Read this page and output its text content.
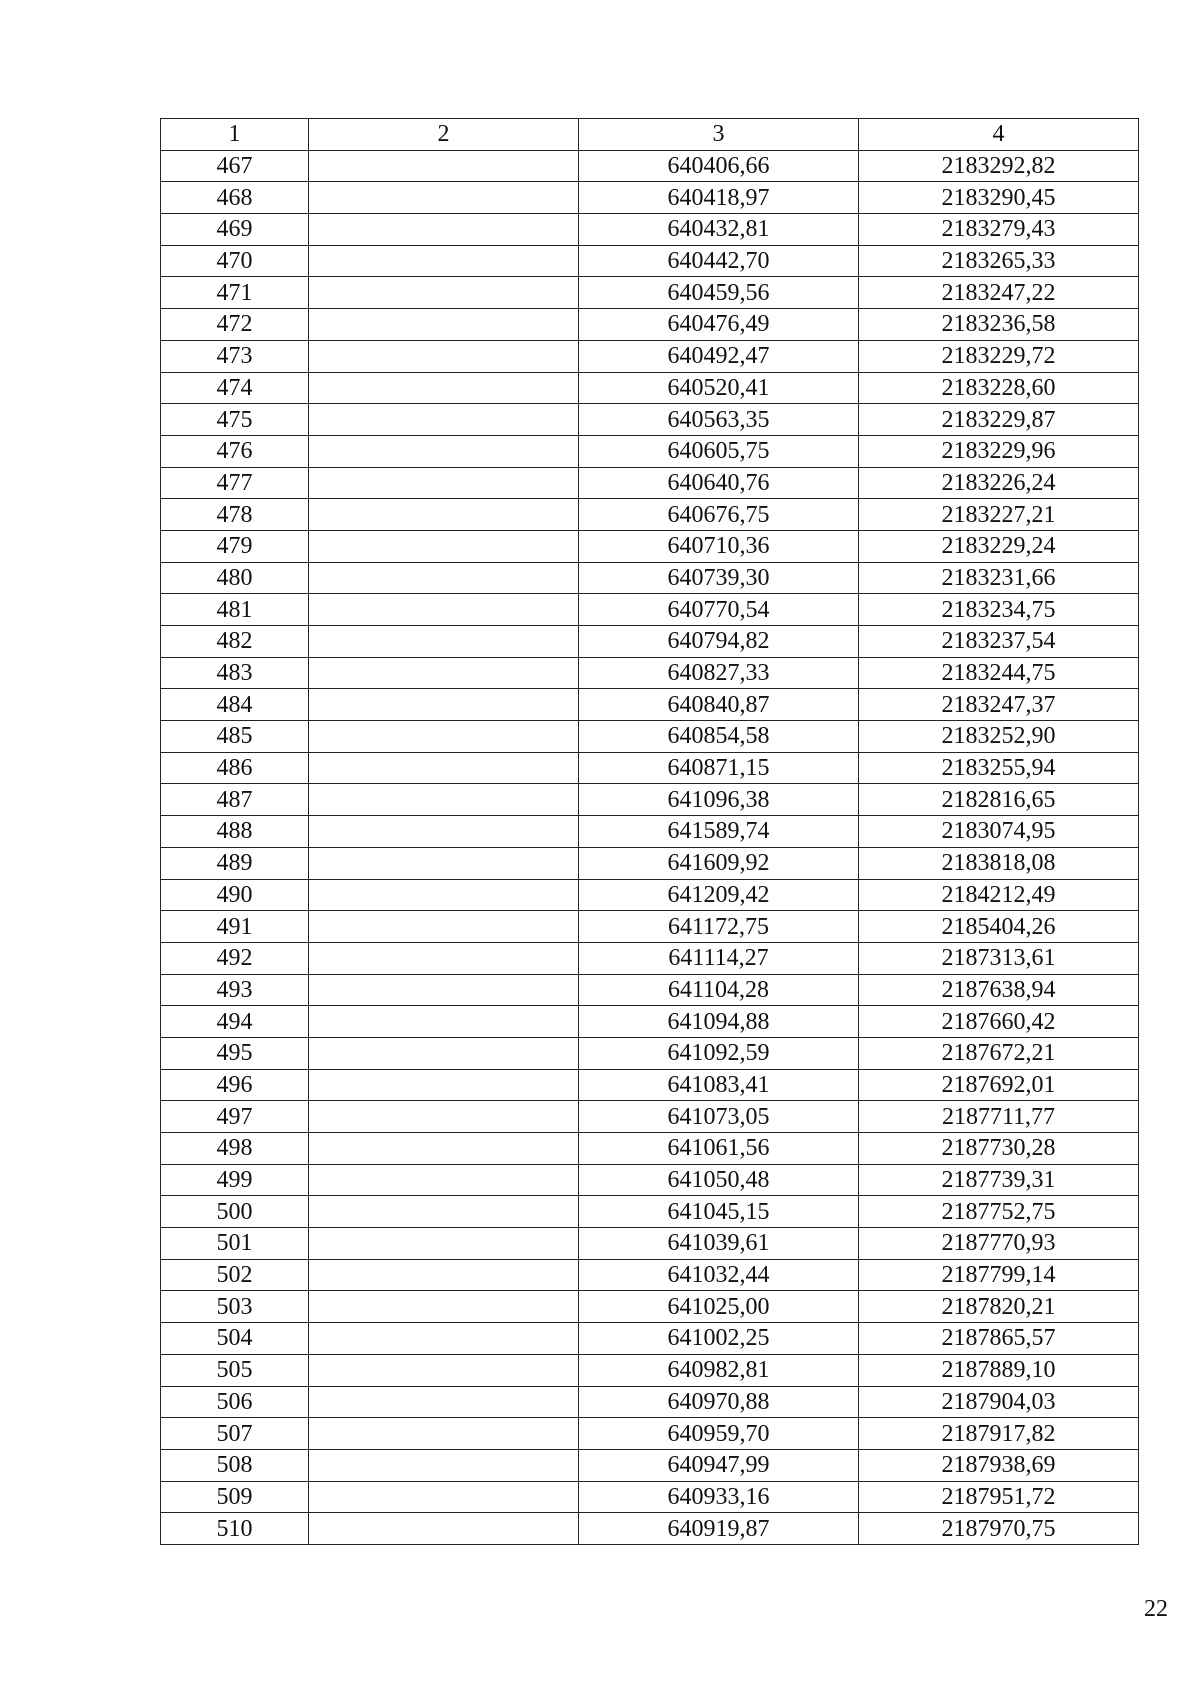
1	2	3	4
467		640406,66	2183292,82
468		640418,97	2183290,45
469		640432,81	2183279,43
470		640442,70	2183265,33
471		640459,56	2183247,22
472		640476,49	2183236,58
473		640492,47	2183229,72
474		640520,41	2183228,60
475		640563,35	2183229,87
476		640605,75	2183229,96
477		640640,76	2183226,24
478		640676,75	2183227,21
479		640710,36	2183229,24
480		640739,30	2183231,66
481		640770,54	2183234,75
482		640794,82	2183237,54
483		640827,33	2183244,75
484		640840,87	2183247,37
485		640854,58	2183252,90
486		640871,15	2183255,94
487		641096,38	2182816,65
488		641589,74	2183074,95
489		641609,92	2183818,08
490		641209,42	2184212,49
491		641172,75	2185404,26
492		641114,27	2187313,61
493		641104,28	2187638,94
494		641094,88	2187660,42
495		641092,59	2187672,21
496		641083,41	2187692,01
497		641073,05	2187711,77
498		641061,56	2187730,28
499		641050,48	2187739,31
500		641045,15	2187752,75
501		641039,61	2187770,93
502		641032,44	2187799,14
503		641025,00	2187820,21
504		641002,25	2187865,57
505		640982,81	2187889,10
506		640970,88	2187904,03
507		640959,70	2187917,82
508		640947,99	2187938,69
509		640933,16	2187951,72
510		640919,87	2187970,75
22
